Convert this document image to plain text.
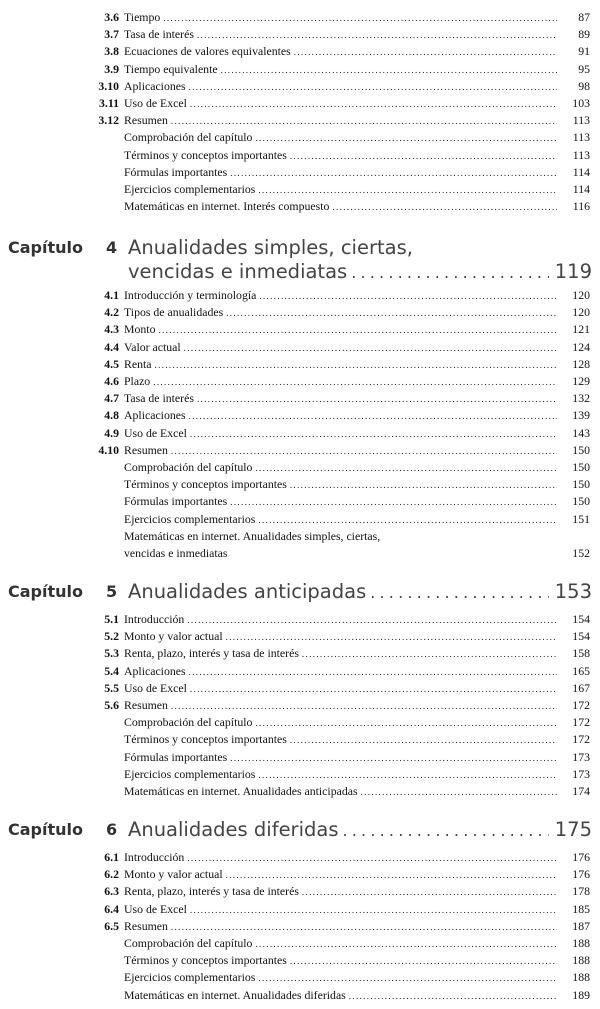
3.6 Tiempo .....	87
3.7 Tasa de interés .....	89
3.8 Ecuaciones de valores equivalentes .....	91
3.9 Tiempo equivalente .....	95
3.10 Aplicaciones .....	98
3.11 Uso de Excel .....	103
3.12 Resumen .....	113
Comprobación del capítulo .....	113
Términos y conceptos importantes .....	113
Fórmulas importantes .....	114
Ejercicios complementarios .....	114
Matemáticas en internet. Interés compuesto .....	116
Capítulo 4 Anualidades simples, ciertas,
vencidas e inmediatas .....	119
4.1 Introducción y terminología .....	120
4.2 Tipos de anualidades .....	120
4.3 Monto .....	121
4.4 Valor actual .....	124
4.5 Renta .....	128
4.6 Plazo .....	129
4.7 Tasa de interés .....	132
4.8 Aplicaciones .....	139
4.9 Uso de Excel .....	143
4.10 Resumen .....	150
Comprobación del capítulo .....	150
Términos y conceptos importantes .....	150
Fórmulas importantes .....	150
Ejercicios complementarios .....	151
Matemáticas en internet. Anualidades simples, ciertas,
vencidas e inmediatas	152
Capítulo 5 Anualidades anticipadas .....	153
5.1 Introducción .....	154
5.2 Monto y valor actual .....	154
5.3 Renta, plazo, interés y tasa de interés .....	158
5.4 Aplicaciones .....	165
5.5 Uso de Excel .....	167
5.6 Resumen .....	172
Comprobación del capítulo .....	172
Términos y conceptos importantes .....	172
Fórmulas importantes .....	173
Ejercicios complementarios .....	173
Matemáticas en internet. Anualidades anticipadas .....	174
Capítulo 6 Anualidades diferidas .....	175
6.1 Introducción .....	176
6.2 Monto y valor actual .....	176
6.3 Renta, plazo, interés y tasa de interés .....	178
6.4 Uso de Excel .....	185
6.5 Resumen .....	187
Comprobación del capítulo .....	188
Términos y conceptos importantes .....	188
Ejercicios complementarios .....	188
Matemáticas en internet. Anualidades diferidas .....	189
